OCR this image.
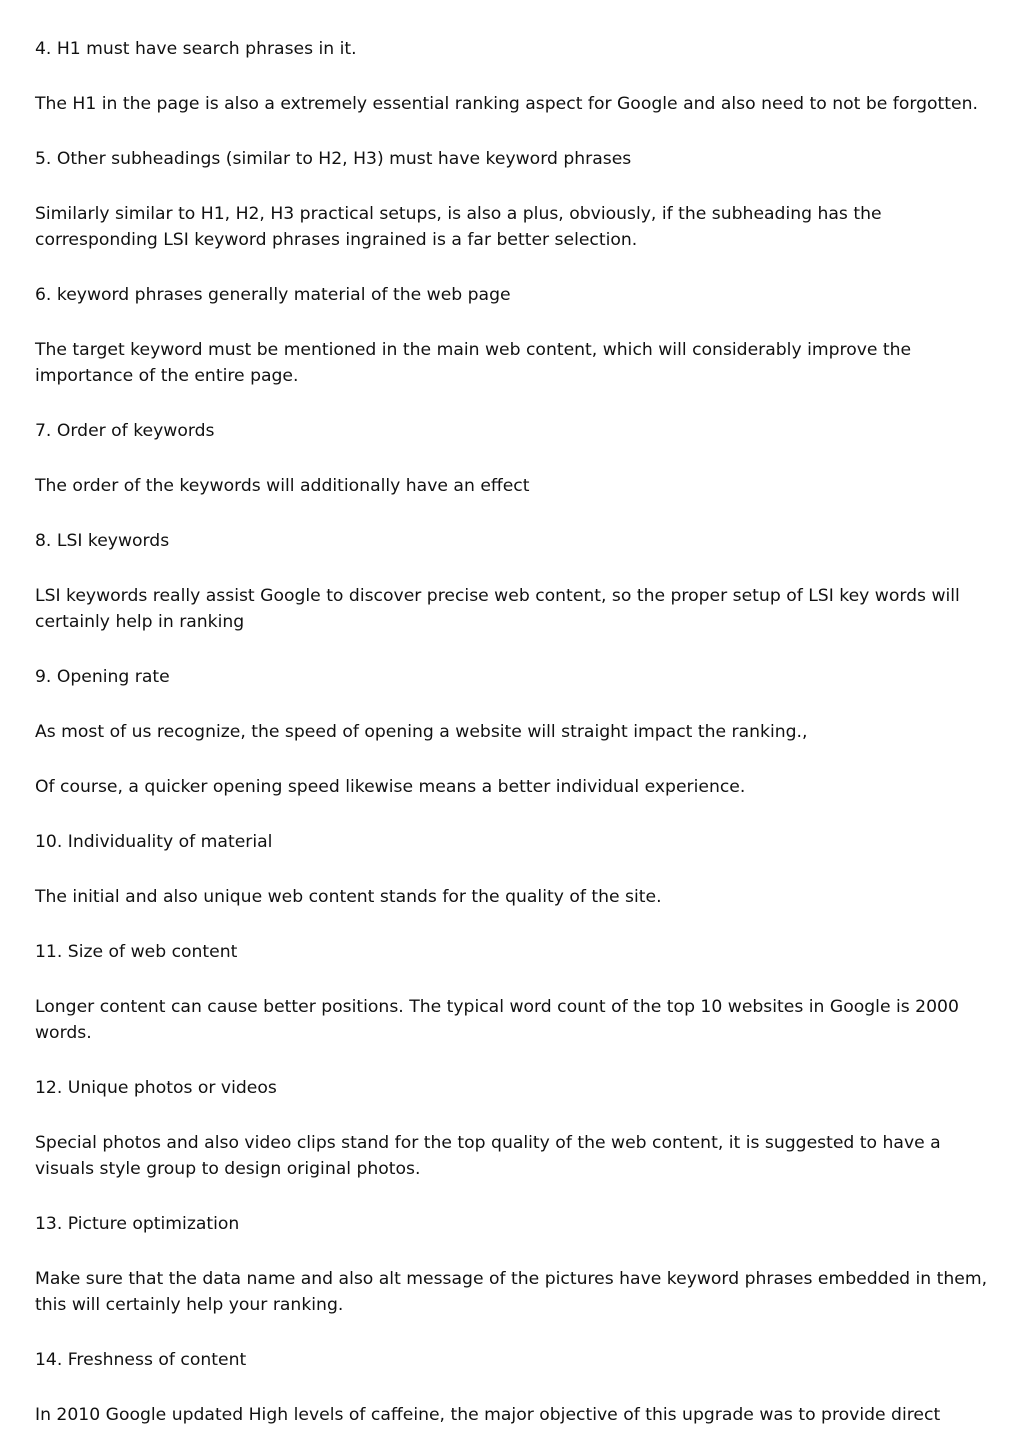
4. H1 must have search phrases in it.

The H1 in the page is also a extremely essential ranking aspect for Google and also need to not be forgotten.

5. Other subheadings (similar to H2, H3) must have keyword phrases

Similarly similar to H1, H2, H3 practical setups, is also a plus, obviously, if the subheading has the corresponding LSI keyword phrases ingrained is a far better selection.

6. keyword phrases generally material of the web page

The target keyword must be mentioned in the main web content, which will considerably improve the importance of the entire page.

7. Order of keywords

The order of the keywords will additionally have an effect

8. LSI keywords

LSI keywords really assist Google to discover precise web content, so the proper setup of LSI key words will certainly help in ranking

9. Opening rate

As most of us recognize, the speed of opening a website will straight impact the ranking.,

Of course, a quicker opening speed likewise means a better individual experience.

10. Individuality of material

The initial and also unique web content stands for the quality of the site.

11. Size of web content

Longer content can cause better positions. The typical word count of the top 10 websites in Google is 2000 words.

12. Unique photos or videos

Special photos and also video clips stand for the top quality of the web content, it is suggested to have a visuals style group to design original photos.

13. Picture optimization

Make sure that the data name and also alt message of the pictures have keyword phrases embedded in them, this will certainly help your ranking.

14. Freshness of content

In 2010 Google updated High levels of caffeine, the major objective of this upgrade was to provide direct
